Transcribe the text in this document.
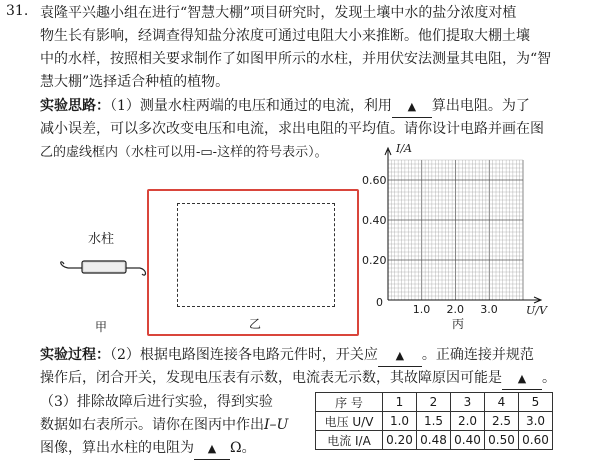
31. 袁隆平兴趣小组在进行“智慧大棚”项目研究时，发现土壤中水的盐分浓度对植
物生长有影响，经调查得知盐分浓度可通过电阻大小来推断。他们提取大棚土壤
中的水样，按照相关要求制作了如图甲所示的水柱，并用伏安法测量其电阻，为“智
慧大棚”选择适合种植的植物。
实验思路：（1）测量水柱两端的电压和通过的电流，利用 ▲ 算出电阻。为了
减小误差，可以多次改变电压和电流，求出电阻的平均值。请你设计电路并画在图
乙的虚线框内（水柱可以用-▭-这样的符号表示）。
水柱
甲	乙
1.0 2.0 3.0
0.20
0.40
0.60
I/A
U/V
0
丙
实验过程：（2）根据电路图连接各电路元件时，开关应 ▲ 。正确连接并规范
操作后，闭合开关，发现电压表有示数，电流表无示数，其故障原因可能是 ▲ 。
（3）排除故障后进行实验，得到实验
数据如右表所示。请你在图丙中作出I–U
图像，算出水柱的电阻为 ▲ Ω。
序 号	1	2	3	4	5
电压 U/V	1.0	1.5	2.0	2.5	3.0
电流 I/A	0.20	0.48	0.40	0.50	0.60
